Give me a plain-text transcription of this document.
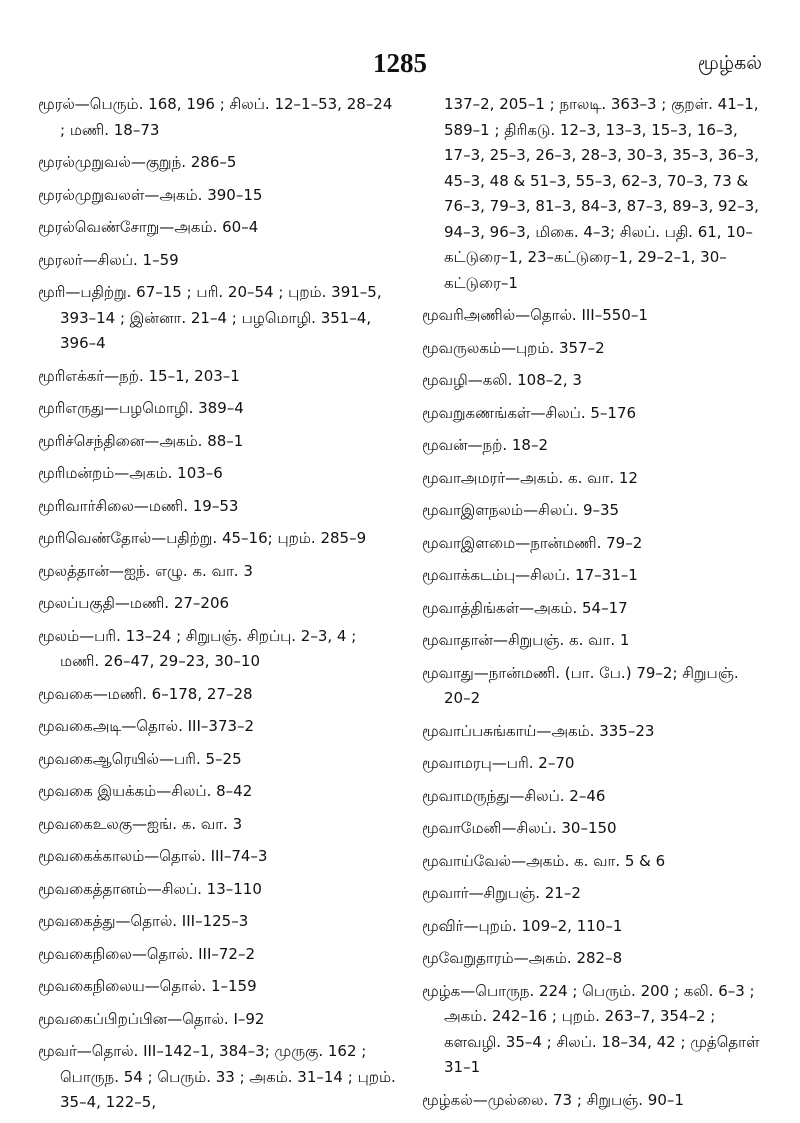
1285	மூழ்கல்

மூரல்—பெரும். 168, 196 ; சிலப். 12–1–53, 28–24 ; மணி. 18–73

மூரல்முறுவல்—குறுந். 286–5

மூரல்முறுவலள்—அகம். 390–15

மூரல்வெண்சோறு—அகம். 60–4

மூரலர்—சிலப். 1–59

மூரி—பதிற்று. 67–15 ; பரி. 20–54 ; புறம். 391–5, 393–14 ; இன்னா. 21–4 ; பழமொழி. 351–4, 396–4

மூரிஎக்கர்—நற். 15–1, 203–1

மூரிஎருது—பழமொழி. 389–4

மூரிச்செந்தினை—அகம். 88–1

மூரிமன்றம்—அகம். 103–6

மூரிவார்சிலை—மணி. 19–53

மூரிவெண்தோல்—பதிற்று. 45–16; புறம். 285–9

மூலத்தான்—ஐந். எழு. க. வா. 3

மூலப்பகுதி—மணி. 27–206

மூலம்—பரி. 13–24 ; சிறுபஞ். சிறப்பு. 2–3, 4 ; மணி. 26–47, 29–23, 30–10

மூவகை—மணி. 6–178, 27–28

மூவகைஅடி—தொல். III–373–2

மூவகைஆரெயில்—பரி. 5–25

மூவகை இயக்கம்—சிலப். 8–42

மூவகைஉலகு—ஐங். க. வா. 3

மூவகைக்காலம்—தொல். III–74–3

மூவகைத்தானம்—சிலப். 13–110

மூவகைத்து—தொல். III–125–3

மூவகைநிலை—தொல். III–72–2

மூவகைநிலைய—தொல். 1–159

மூவகைப்பிறப்பின—தொல். I–92

மூவர்—தொல். III–142–1, 384–3; முருகு. 162 ; பொருந. 54 ; பெரும். 33 ; அகம். 31–14 ; புறம். 35–4, 122–5,

137–2, 205–1 ; நாலடி. 363–3 ; குறள். 41–1, 589–1 ; திரிகடு. 12–3, 13–3, 15–3, 16–3, 17–3, 25–3, 26–3, 28–3, 30–3, 35–3, 36–3, 45–3, 48 & 51–3, 55–3, 62–3, 70–3, 73 & 76–3, 79–3, 81–3, 84–3, 87–3, 89–3, 92–3, 94–3, 96–3, மிகை. 4–3; சிலப். பதி. 61, 10–கட்டுரை–1, 23–கட்டுரை–1, 29–2–1, 30–கட்டுரை–1

மூவரிஅணில்—தொல். III–550–1

மூவருலகம்—புறம். 357–2

மூவழி—கலி. 108–2, 3

மூவறுகணங்கள்—சிலப். 5–176

மூவன்—நற். 18–2

மூவாஅமரர்—அகம். க. வா. 12

மூவாஇளநலம்—சிலப். 9–35

மூவாஇளமை—நான்மணி. 79–2

மூவாக்கடம்பு—சிலப். 17–31–1

மூவாத்திங்கள்—அகம். 54–17

மூவாதான்—சிறுபஞ். க. வா. 1

மூவாது—நான்மணி. (பா. பே.) 79–2; சிறுபஞ். 20–2

மூவாப்பசுங்காய்—அகம். 335–23

மூவாமரபு—பரி. 2–70

மூவாமருந்து—சிலப். 2–46

மூவாமேனி—சிலப். 30–150

மூவாய்வேல்—அகம். க. வா. 5 & 6

மூவார்—சிறுபஞ். 21–2

மூவிர்—புறம். 109–2, 110–1

மூவேறுதாரம்—அகம். 282–8

மூழ்க—பொருந. 224 ; பெரும். 200 ; கலி. 6–3 ; அகம். 242–16 ; புறம். 263–7, 354–2 ; களவழி. 35–4 ; சிலப். 18–34, 42 ; முத்தொள் 31–1

மூழ்கல்—முல்லை. 73 ; சிறுபஞ். 90–1
